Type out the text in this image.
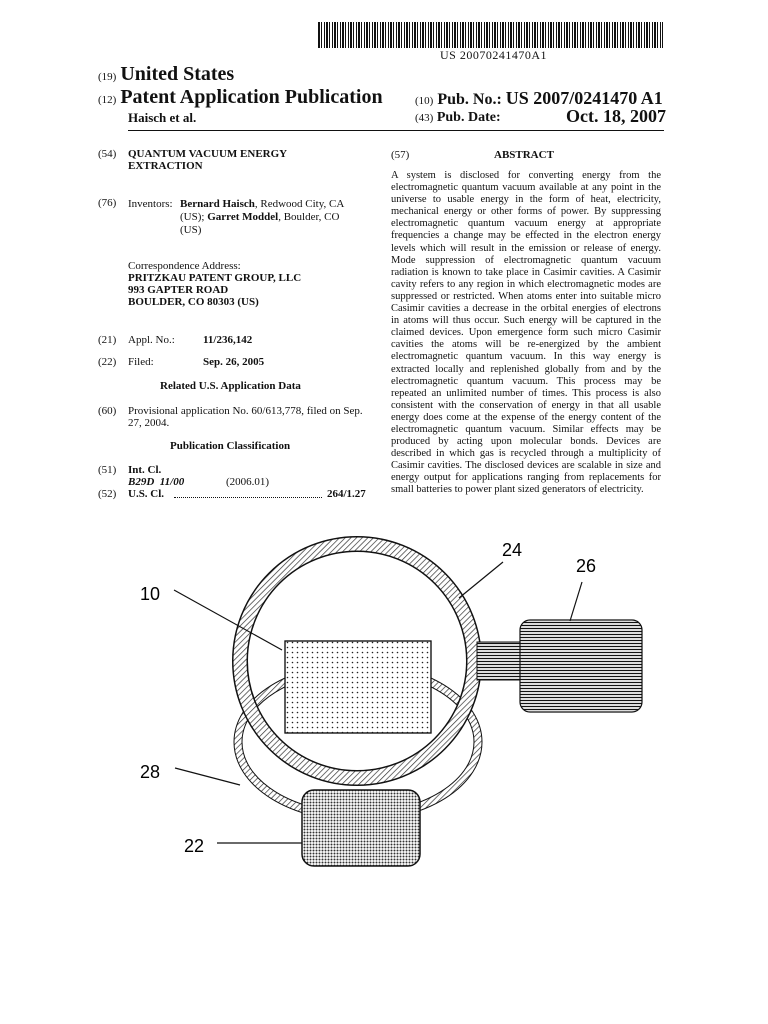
US 20070241470A1
(19) United States
(12) Patent Application Publication
Haisch et al.
(10) Pub. No.: US 2007/0241470 A1
(43) Pub. Date:	Oct. 18, 2007
(54) QUANTUM VACUUM ENERGY
EXTRACTION
(76) Inventors: Bernard Haisch, Redwood City, CA
(US); Garret Moddel, Boulder, CO
(US)
Correspondence Address:
PRITZKAU PATENT GROUP, LLC
993 GAPTER ROAD
BOULDER, CO 80303 (US)
(21) Appl. No.:	11/236,142
(22) Filed:	Sep. 26, 2005
Related U.S. Application Data
(60) Provisional application No. 60/613,778, filed on Sep.
27, 2004.
Publication Classification
(51) Int. Cl.
B29D  11/00	(2006.01)
(52) U.S. Cl.	264/1.27
(57)	ABSTRACT
A system is disclosed for converting energy from the electromagnetic quantum vacuum available at any point in the universe to usable energy in the form of heat, electricity, mechanical energy or other forms of power. By suppressing electromagnetic quantum vacuum energy at appropriate frequencies a change may be effected in the electron energy levels which will result in the emission or release of energy. Mode suppression of electromagnetic quantum vacuum radiation is known to take place in Casimir cavities. A Casimir cavity refers to any region in which electromagnetic modes are suppressed or restricted. When atoms enter into suitable micro Casimir cavities a decrease in the orbital energies of electrons in atoms will thus occur. Such energy will be captured in the claimed devices. Upon emergence form such micro Casimir cavities the atoms will be re-energized by the ambient electromagnetic quantum vacuum. In this way energy is extracted locally and replenished globally from and by the electromagnetic quantum vacuum. This process may be repeated an unlimited number of times. This process is also consistent with the conservation of energy in that all usable energy does come at the expense of the energy content of the electromagnetic quantum vacuum. Similar effects may be produced by acting upon molecular bonds. Devices are described in which gas is recycled through a multiplicity of Casimir cavities. The disclosed devices are scalable in size and energy output for applications ranging from replacements for small batteries to power plant sized generators of electricity.
24
26
10
28
22
